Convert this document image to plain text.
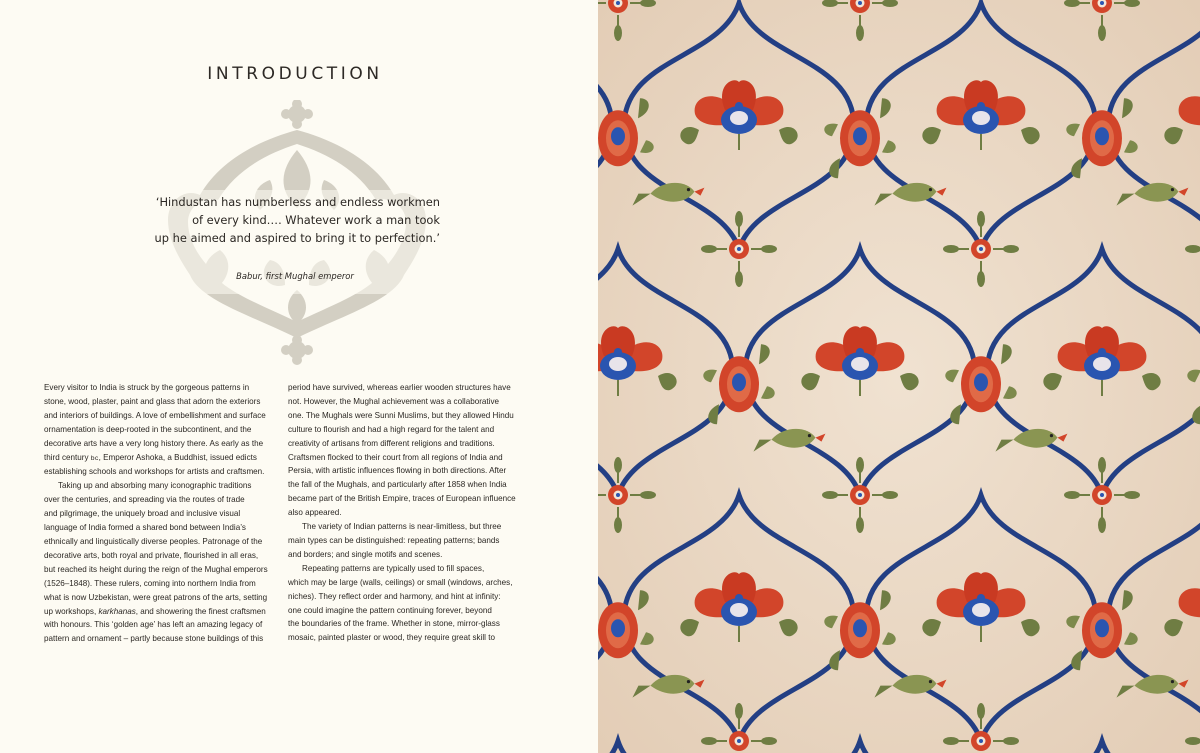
INTRODUCTION
‘Hindustan has numberless and endless workmen
of every kind…. Whatever work a man took
up he aimed and aspired to bring it to perfection.’
Babur, first Mughal emperor
Every visitor to India is struck by the gorgeous patterns in
stone, wood, plaster, paint and glass that adorn the exteriors
and interiors of buildings. A love of embellishment and surface
ornamentation is deep-rooted in the subcontinent, and the
decorative arts have a very long history there. As early as the
third century bc, Emperor Ashoka, a Buddhist, issued edicts
establishing schools and workshops for artists and craftsmen.
Taking up and absorbing many iconographic traditions
over the centuries, and spreading via the routes of trade
and pilgrimage, the uniquely broad and inclusive visual
language of India formed a shared bond between India’s
ethnically and linguistically diverse peoples. Patronage of the
decorative arts, both royal and private, flourished in all eras,
but reached its height during the reign of the Mughal emperors
(1526–1848). These rulers, coming into northern India from
what is now Uzbekistan, were great patrons of the arts, setting
up workshops, karkhanas, and showering the finest craftsmen
with honours. This ‘golden age’ has left an amazing legacy of
pattern and ornament – partly because stone buildings of this
period have survived, whereas earlier wooden structures have
not. However, the Mughal achievement was a collaborative
one. The Mughals were Sunni Muslims, but they allowed Hindu
culture to flourish and had a high regard for the talent and
creativity of artisans from different religions and traditions.
Craftsmen flocked to their court from all regions of India and
Persia, with artistic influences flowing in both directions. After
the fall of the Mughals, and particularly after 1858 when India
became part of the British Empire, traces of European influence
also appeared.
The variety of Indian patterns is near-limitless, but three
main types can be distinguished: repeating patterns; bands
and borders; and single motifs and scenes.
Repeating patterns are typically used to fill spaces,
which may be large (walls, ceilings) or small (windows, arches,
niches). They reflect order and harmony, and hint at infinity:
one could imagine the pattern continuing forever, beyond
the boundaries of the frame. Whether in stone, mirror-glass
mosaic, painted plaster or wood, they require great skill to
